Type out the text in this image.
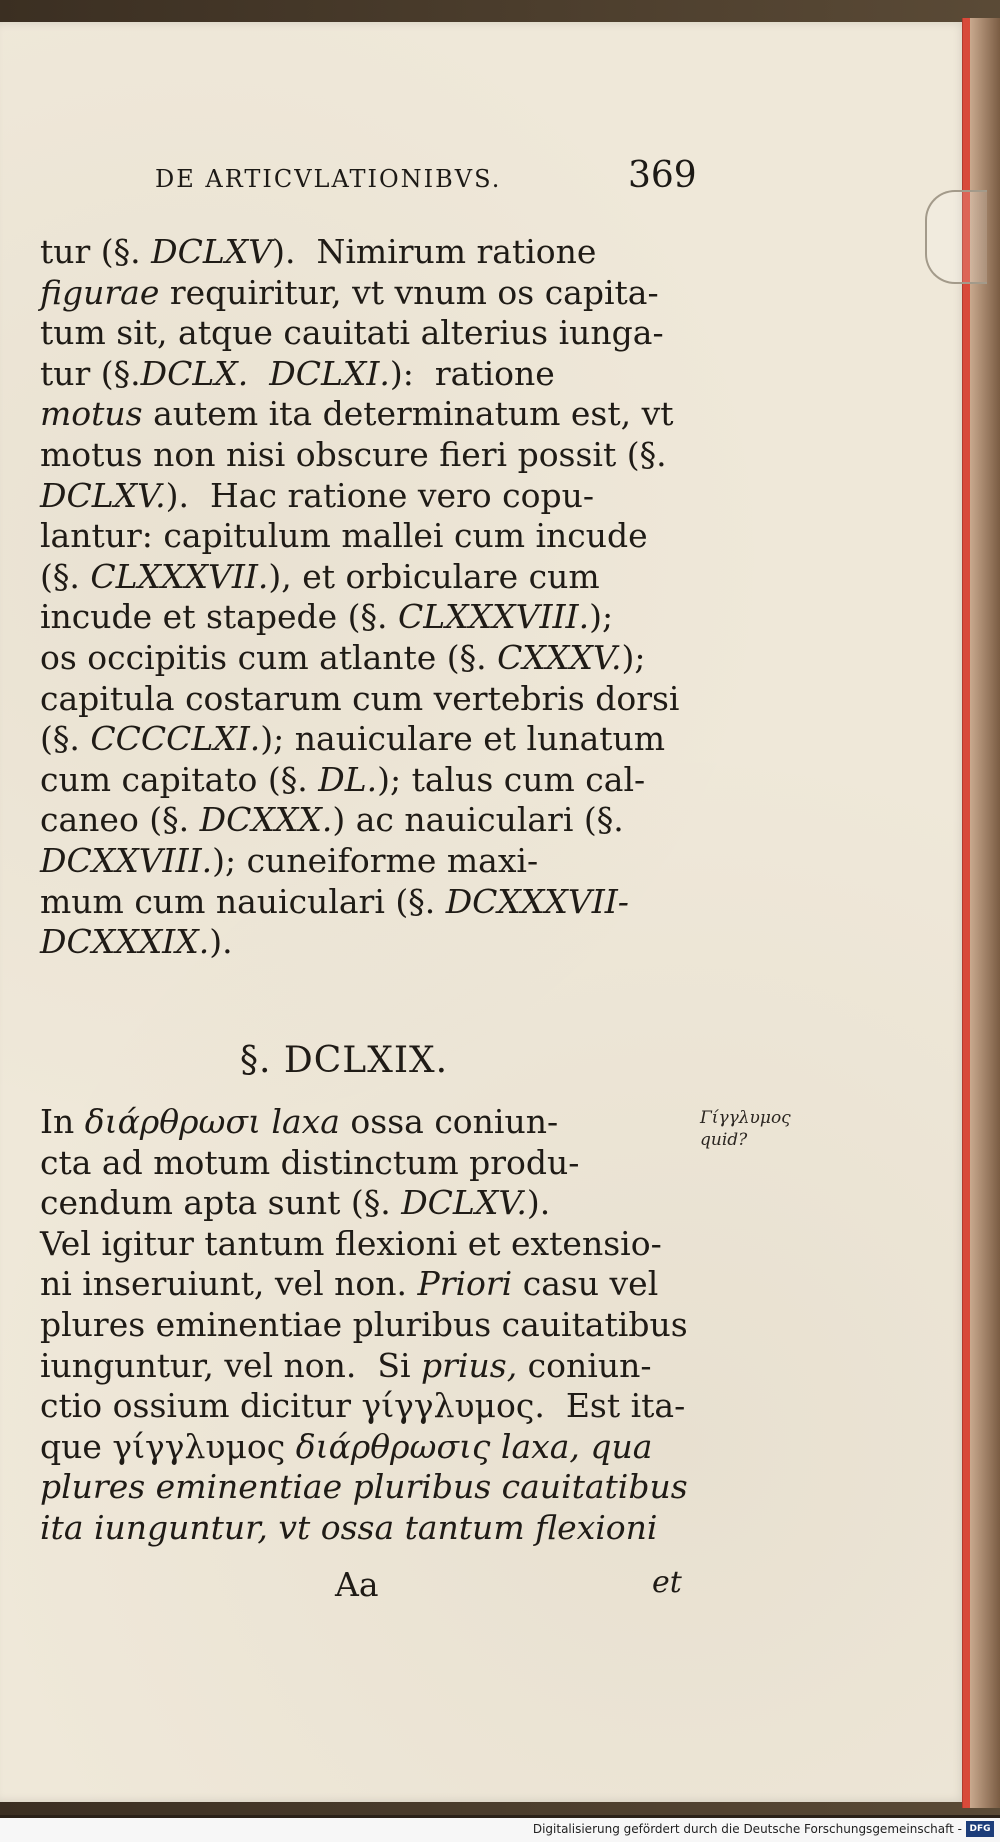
DE ARTICVLATIONIBVS.	369
tur (§. DCLXV).  Nimirum ratione
figurae requiritur, vt vnum os capita-
tum sit, atque cauitati alterius iunga-
tur (§.DCLX.  DCLXI.):  ratione
motus autem ita determinatum est, vt
motus non nisi obscure fieri possit (§.
DCLXV.).  Hac ratione vero copu-
lantur: capitulum mallei cum incude
(§. CLXXXVII.), et orbiculare cum
incude et stapede (§. CLXXXVIII.);
os occipitis cum atlante (§. CXXXV.);
capitula costarum cum vertebris dorsi
(§. CCCCLXI.); nauiculare et lunatum
cum capitato (§. DL.); talus cum cal-
caneo (§. DCXXX.) ac nauiculari (§.
DCXXVIII.); cuneiforme maxi-
mum cum nauiculari (§. DCXXXVII-
DCXXXIX.).
§. DCLXIX.
In διάρθρωσι laxa ossa coniun-
cta ad motum distinctum produ-
cendum apta sunt (§. DCLXV.).
Vel igitur tantum flexioni et extensio-
ni inseruiunt, vel non. Priori casu vel
plures eminentiae pluribus cauitatibus
iunguntur, vel non.  Si prius, coniun-
ctio ossium dicitur γίγγλυμος.  Est ita-
que γίγγλυμος διάρθρωσις laxa, qua
plures eminentiae pluribus cauitatibus
ita iunguntur, vt ossa tantum flexioni
Γίγγλυμος
quid?
Aa	et
Digitalisierung gefördert durch die Deutsche Forschungsgemeinschaft - DFG
